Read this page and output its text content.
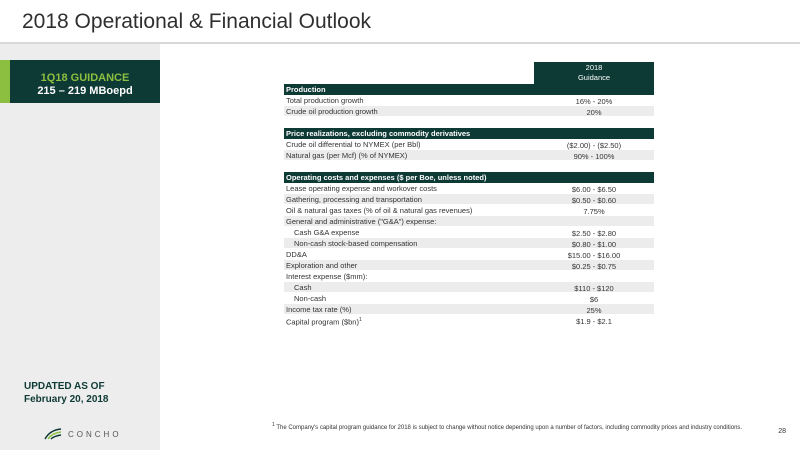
2018 Operational & Financial Outlook
1Q18 GUIDANCE
215 – 219 MBoepd
UPDATED AS OF
February 20, 2018
CONCHO
2018
Guidance
Production
Total production growth	16% - 20%
Crude oil production growth	20%
Price realizations, excluding commodity derivatives
Crude oil differential to NYMEX (per Bbl)	($2.00) - ($2.50)
Natural gas (per Mcf) (% of NYMEX)	90% - 100%
Operating costs and expenses ($ per Boe, unless noted)
Lease operating expense and workover costs	$6.00 - $6.50
Gathering, processing and transportation	$0.50 - $0.60
Oil & natural gas taxes (% of oil & natural gas revenues)	7.75%
General and administrative ("G&A") expense:
Cash G&A expense	$2.50 - $2.80
Non-cash stock-based compensation	$0.80 - $1.00
DD&A	$15.00 - $16.00
Exploration and other	$0.25 - $0.75
Interest expense ($mm):
Cash	$110 - $120
Non-cash	$6
Income tax rate (%)	25%
Capital program ($bn)$^1$	$1.9 - $2.1
$^1$ The Company's capital program guidance for 2018 is subject to change without notice depending upon a number of factors, including commodity prices and industry conditions.	28
